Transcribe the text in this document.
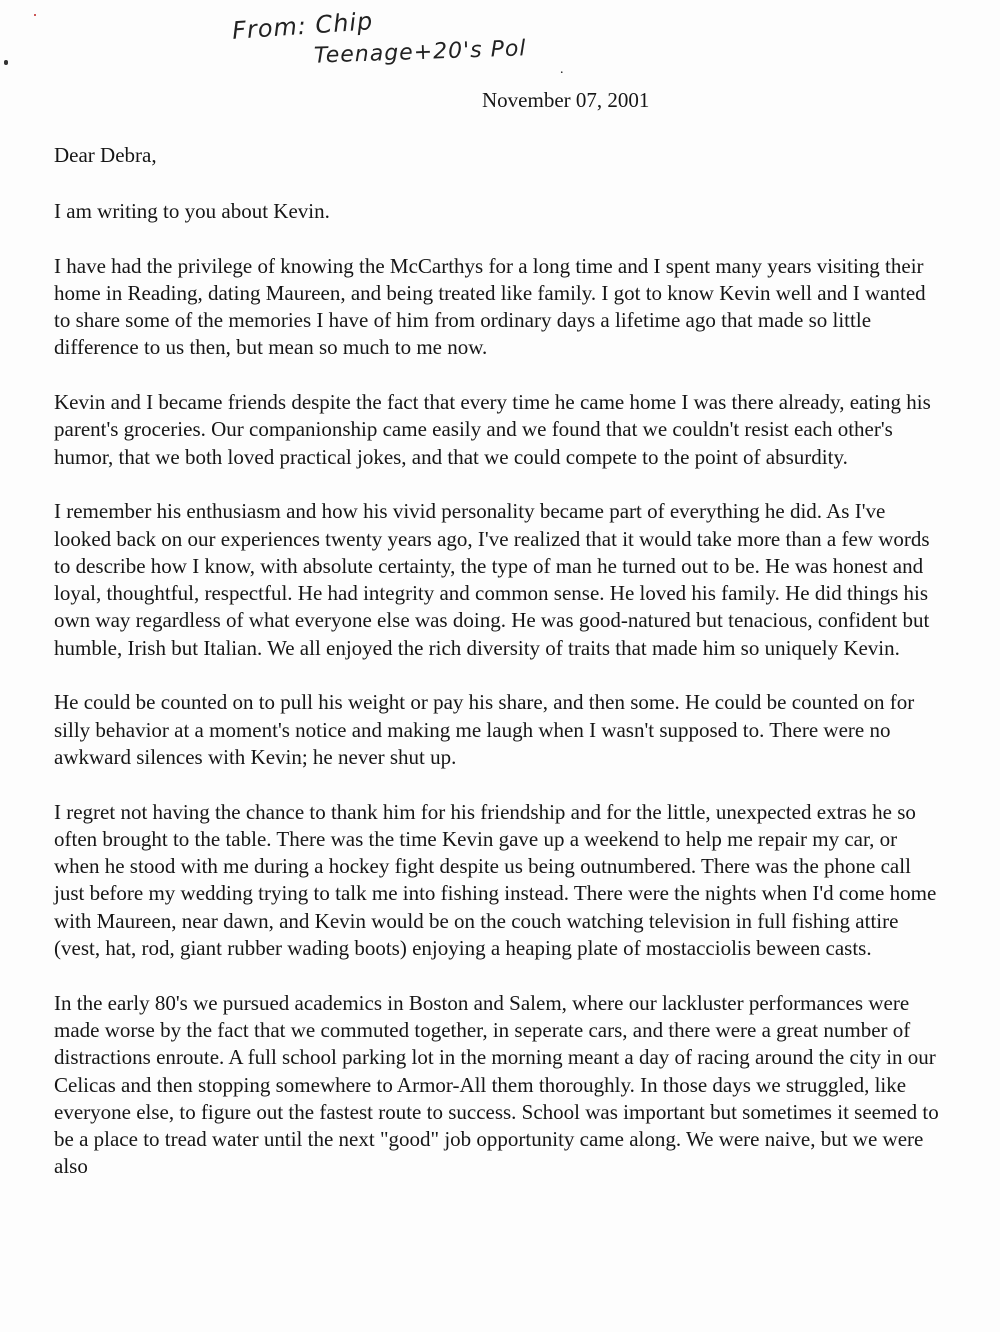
From: Chip
Teenage+20's Pol
.
November 07, 2001
Dear Debra,

I am writing to you about Kevin.

I have had the privilege of knowing the McCarthys for a long time and I spent many years visiting their home in Reading, dating Maureen, and being treated like family. I got to know Kevin well and I wanted to share some of the memories I have of him from ordinary days a lifetime ago that made so little difference to us then, but mean so much to me now.

Kevin and I became friends despite the fact that every time he came home I was there already, eating his parent's groceries. Our companionship came easily and we found that we couldn't resist each other's humor, that we both loved practical jokes, and that we could compete to the point of absurdity.

I remember his enthusiasm and how his vivid personality became part of everything he did. As I've looked back on our experiences twenty years ago, I've realized that it would take more than a few words to describe how I know, with absolute certainty, the type of man he turned out to be. He was honest and loyal, thoughtful, respectful. He had integrity and common sense. He loved his family. He did things his own way regardless of what everyone else was doing. He was good-natured but tenacious, confident but humble, Irish but Italian. We all enjoyed the rich diversity of traits that made him so uniquely Kevin.

He could be counted on to pull his weight or pay his share, and then some. He could be counted on for silly behavior at a moment's notice and making me laugh when I wasn't supposed to. There were no awkward silences with Kevin; he never shut up.

I regret not having the chance to thank him for his friendship and for the little, unexpected extras he so often brought to the table. There was the time Kevin gave up a weekend to help me repair my car, or when he stood with me during a hockey fight despite us being outnumbered. There was the phone call just before my wedding trying to talk me into fishing instead. There were the nights when I'd come home with Maureen, near dawn, and Kevin would be on the couch watching television in full fishing attire (vest, hat, rod, giant rubber wading boots) enjoying a heaping plate of mostacciolis beween casts.

In the early 80's we pursued academics in Boston and Salem, where our lackluster performances were made worse by the fact that we commuted together, in seperate cars, and there were a great number of distractions enroute. A full school parking lot in the morning meant a day of racing around the city in our Celicas and then stopping somewhere to Armor-All them thoroughly. In those days we struggled, like everyone else, to figure out the fastest route to success. School was important but sometimes it seemed to be a place to tread water until the next "good" job opportunity came along. We were naive, but we were also
